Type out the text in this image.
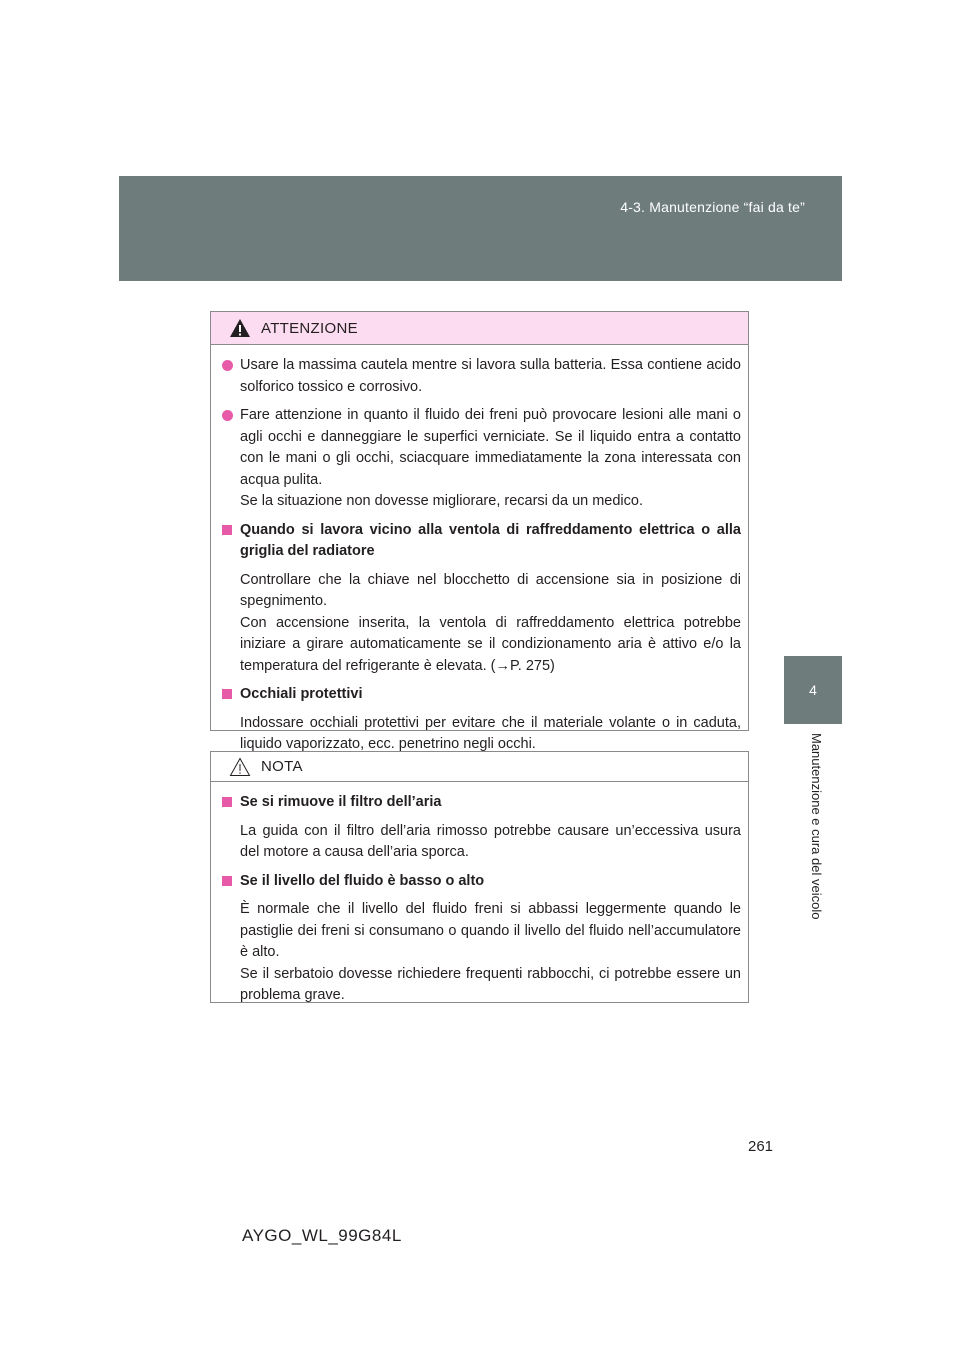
4-3. Manutenzione “fai da te”
4
Manutenzione e cura del veicolo
ATTENZIONE
Usare la massima cautela mentre si lavora sulla batteria. Essa contiene acido solforico tossico e corrosivo.
Fare attenzione in quanto il fluido dei freni può provocare lesioni alle mani o agli occhi e danneggiare le superfici verniciate. Se il liquido entra a contatto con le mani o gli occhi, sciacquare immediatamente la zona interessata con acqua pulita.
Se la situazione non dovesse migliorare, recarsi da un medico.
Quando si lavora vicino alla ventola di raffreddamento elettrica o alla griglia del radiatore
Controllare che la chiave nel blocchetto di accensione sia in posizione di spegnimento.
Con accensione inserita, la ventola di raffreddamento elettrica potrebbe iniziare a girare automaticamente se il condizionamento aria è attivo e/o la temperatura del refrigerante è elevata. (→P. 275)
Occhiali protettivi
Indossare occhiali protettivi per evitare che il materiale volante o in caduta, liquido vaporizzato, ecc. penetrino negli occhi.
NOTA
Se si rimuove il filtro dell’aria
La guida con il filtro dell’aria rimosso potrebbe causare un’eccessiva usura del motore a causa dell’aria sporca.
Se il livello del fluido è basso o alto
È normale che il livello del fluido freni si abbassi leggermente quando le pastiglie dei freni si consumano o quando il livello del fluido nell’accumulatore è alto.
Se il serbatoio dovesse richiedere frequenti rabbocchi, ci potrebbe essere un problema grave.
261
AYGO_WL_99G84L
